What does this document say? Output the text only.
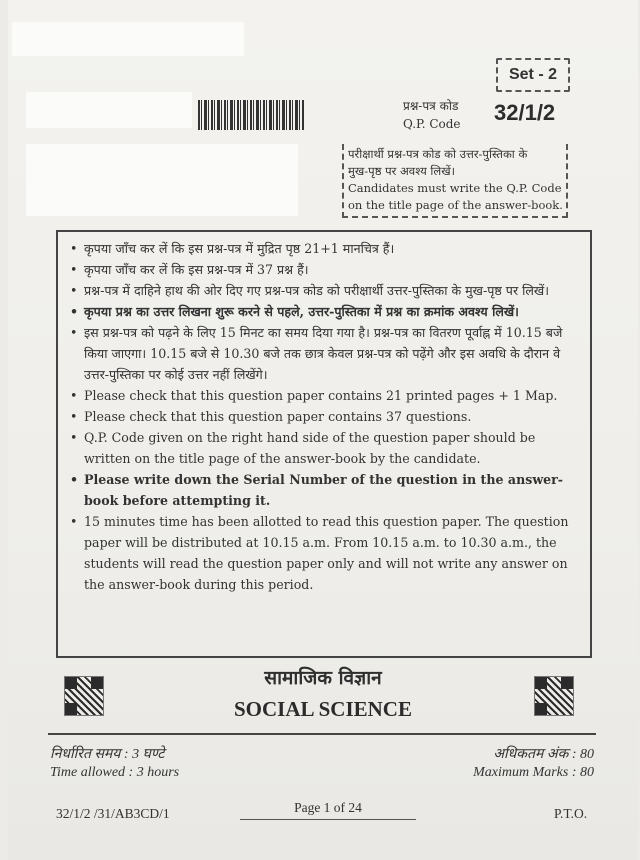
Set - 2
प्रश्न-पत्र कोड
Q.P. Code 32/1/2
परीक्षार्थी प्रश्न-पत्र कोड को उत्तर-पुस्तिका के
मुख-पृष्ठ पर अवश्य लिखें।
Candidates must write the Q.P. Code
on the title page of the answer-book.
• कृपया जाँच कर लें कि इस प्रश्न-पत्र में मुद्रित पृष्ठ 21+1 मानचित्र हैं।
• कृपया जाँच कर लें कि इस प्रश्न-पत्र में 37 प्रश्न हैं।
• प्रश्न-पत्र में दाहिने हाथ की ओर दिए गए प्रश्न-पत्र कोड को परीक्षार्थी उत्तर-पुस्तिका के मुख-पृष्ठ पर लिखें।
• कृपया प्रश्न का उत्तर लिखना शुरू करने से पहले, उत्तर-पुस्तिका में प्रश्न का क्रमांक अवश्य लिखें।
• इस प्रश्न-पत्र को पढ़ने के लिए 15 मिनट का समय दिया गया है। प्रश्न-पत्र का वितरण पूर्वाह्न में 10.15 बजे किया जाएगा। 10.15 बजे से 10.30 बजे तक छात्र केवल प्रश्न-पत्र को पढ़ेंगे और इस अवधि के दौरान वे उत्तर-पुस्तिका पर कोई उत्तर नहीं लिखेंगे।
• Please check that this question paper contains 21 printed pages + 1 Map.
• Please check that this question paper contains 37 questions.
• Q.P. Code given on the right hand side of the question paper should be written on the title page of the answer-book by the candidate.
• Please write down the Serial Number of the question in the answer-book before attempting it.
• 15 minutes time has been allotted to read this question paper. The question paper will be distributed at 10.15 a.m. From 10.15 a.m. to 10.30 a.m., the students will read the question paper only and will not write any answer on the answer-book during this period.
सामाजिक विज्ञान
SOCIAL SCIENCE
निर्धारित समय : 3 घण्टे
Time allowed : 3 hours
अधिकतम अंक : 80
Maximum Marks : 80
32/1/2 /31/AB3CD/1	Page 1 of 24	P.T.O.
